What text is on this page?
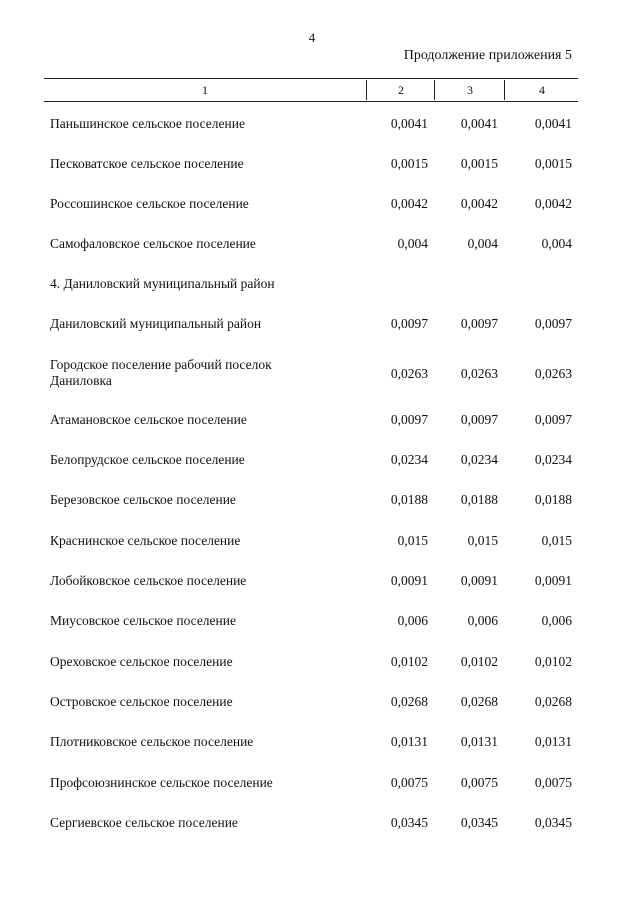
4
Продолжение приложения 5
1	2	3	4
Паньшинское сельское поселение	0,0041	0,0041	0,0041
Песковатское сельское поселение	0,0015	0,0015	0,0015
Россошинское сельское поселение	0,0042	0,0042	0,0042
Самофаловское сельское поселение	0,004	0,004	0,004
4. Даниловский муниципальный район
Даниловский муниципальный район	0,0097	0,0097	0,0097
Городское поселение рабочий поселок Даниловка	0,0263	0,0263	0,0263
Атамановское сельское поселение	0,0097	0,0097	0,0097
Белопрудское сельское поселение	0,0234	0,0234	0,0234
Березовское сельское поселение	0,0188	0,0188	0,0188
Краснинское сельское поселение	0,015	0,015	0,015
Лобойковское сельское поселение	0,0091	0,0091	0,0091
Миусовское сельское поселение	0,006	0,006	0,006
Ореховское сельское поселение	0,0102	0,0102	0,0102
Островское сельское поселение	0,0268	0,0268	0,0268
Плотниковское сельское поселение	0,0131	0,0131	0,0131
Профсоюзнинское сельское поселение	0,0075	0,0075	0,0075
Сергиевское сельское поселение	0,0345	0,0345	0,0345
